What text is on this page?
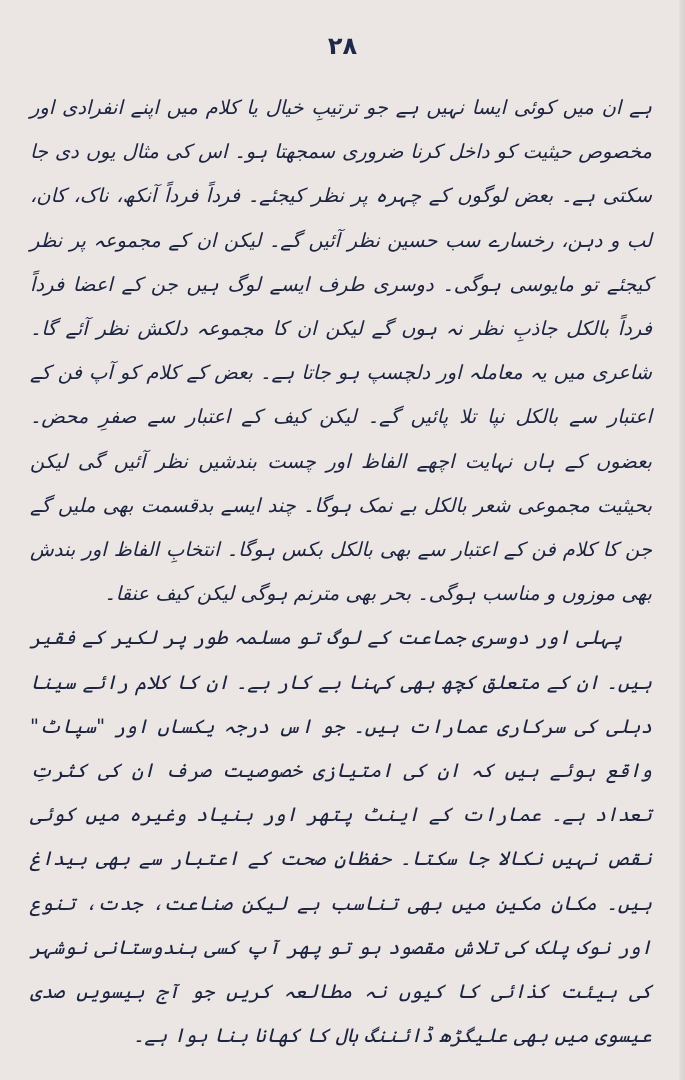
۲۸

ہے ان میں کوئی ایسا نہیں ہے جو ترتیبِ خیال یا کلام میں اپنے انفرادی اور مخصوص حیثیت کو داخل کرنا ضروری سمجھتا ہو۔ اس کی مثال یوں دی جا سکتی ہے۔ بعض لوگوں کے چہرہ پر نظر کیجئے۔ فرداً فرداً آنکھ، ناک، کان، لب و دہن، رخسارے سب حسین نظر آئیں گے۔ لیکن ان کے مجموعہ پر نظر کیجئے تو مایوسی ہوگی۔ دوسری طرف ایسے لوگ ہیں جن کے اعضا فرداً فرداً بالکل جاذبِ نظر نہ ہوں گے لیکن ان کا مجموعہ دلکش نظر آئے گا۔ شاعری میں یہ معاملہ اور دلچسپ ہو جاتا ہے۔ بعض کے کلام کو آپ فن کے اعتبار سے بالکل نپا تلا پائیں گے۔ لیکن کیف کے اعتبار سے صفرِ محض۔ بعضوں کے ہاں نہایت اچھے الفاظ اور چست بندشیں نظر آئیں گی لیکن بحیثیت مجموعی شعر بالکل بے نمک ہوگا۔ چند ایسے بدقسمت بھی ملیں گے جن کا کلام فن کے اعتبار سے بھی بالکل بکس ہوگا۔ انتخابِ الفاظ اور بندش بھی موزوں و مناسب ہوگی۔ بحر بھی مترنم ہوگی لیکن کیف عنقا۔

پہلی اور دوسری جماعت کے لوگ تو مسلمہ طور پر لکیر کے فقیر ہیں۔ ان کے متعلق کچھ بھی کہنا بے کار ہے۔ ان کا کلام رائے سینا دہلی کی سرکاری عمارات ہیں۔ جو اس درجہ یکساں اور "سپاٹ" واقع ہوئے ہیں کہ ان کی امتیازی خصوصیت صرف ان کی کثرتِ تعداد ہے۔ عمارات کے اینٹ پتھر اور بنیاد وغیرہ میں کوئی نقص نہیں نکالا جا سکتا۔ حفظانِ صحت کے اعتبار سے بھی بیداغ ہیں۔ مکان مکین میں بھی تناسب ہے لیکن صناعت، جدت، تنوع اور نوک پلک کی تلاش مقصود ہو تو پھر آپ کسی ہندوستانی نوشہر کی ہیئت کذائی کا کیوں نہ مطالعہ کریں جو آج بیسویں صدی عیسوی میں بھی علیگڑھ ڈائننگ ہال کا کھانا بنا ہوا ہے۔
